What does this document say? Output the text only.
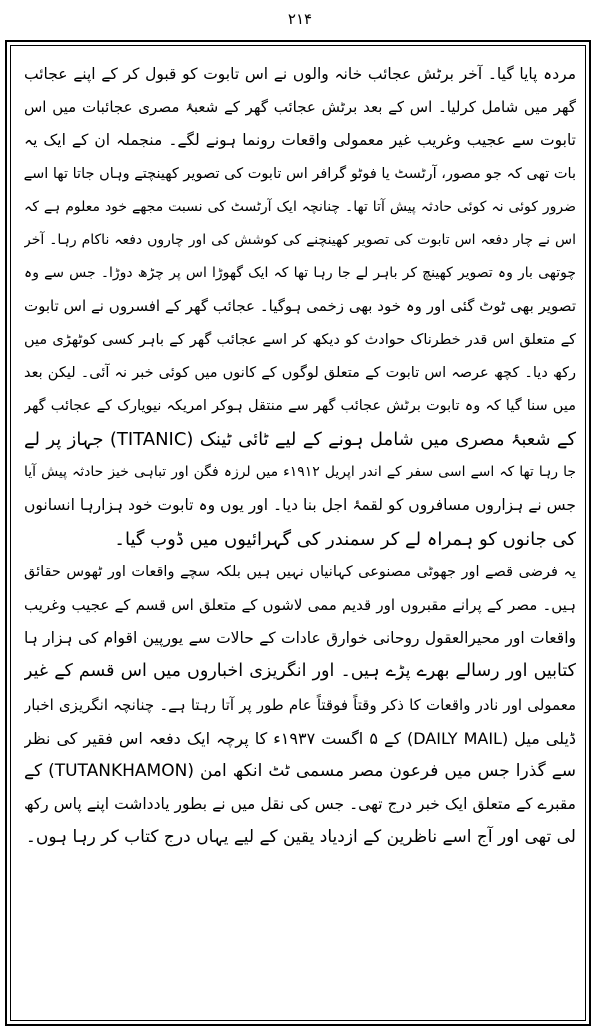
۲۱۴
مردہ پایا گیا۔ آخر برٹش عجائب خانہ والوں نے اس تابوت کو قبول کر کے اپنے عجائب
گھر میں شامل کرلیا۔ اس کے بعد برٹش عجائب گھر کے شعبۂ مصری عجائبات میں اس
تابوت سے عجیب وغریب غیر معمولی واقعات رونما ہونے لگے۔ منجملہ ان کے ایک یہ
بات تھی کہ جو مصور، آرٹسٹ یا فوٹو گرافر اس تابوت کی تصویر کھینچتے وہاں جاتا تھا اسے
ضرور کوئی نہ کوئی حادثہ پیش آتا تھا۔ چنانچہ ایک آرٹسٹ کی نسبت مجھے خود معلوم ہے کہ
اس نے چار دفعہ اس تابوت کی تصویر کھینچنے کی کوشش کی اور چاروں دفعہ ناکام رہا۔ آخر
چوتھی بار وہ تصویر کھینچ کر باہر لے جا رہا تھا کہ ایک گھوڑا اس پر چڑھ دوڑا۔ جس سے وہ
تصویر بھی ٹوٹ گئی اور وہ خود بھی زخمی ہوگیا۔ عجائب گھر کے افسروں نے اس تابوت
کے متعلق اس قدر خطرناک حوادث کو دیکھ کر اسے عجائب گھر کے باہر کسی کوٹھڑی میں
رکھ دیا۔ کچھ عرصہ اس تابوت کے متعلق لوگوں کے کانوں میں کوئی خبر نہ آئی۔ لیکن بعد
میں سنا گیا کہ وہ تابوت برٹش عجائب گھر سے منتقل ہوکر امریکہ نیویارک کے عجائب گھر
کے شعبۂ مصری میں شامل ہونے کے لیے ٹائی ٹینک (TITANIC) جہاز پر لے
جا رہا تھا کہ اسے اسی سفر کے اندر اپریل ۱۹۱۲ء میں لرزہ فگن اور تباہی خیز حادثہ پیش آیا
جس نے ہزاروں مسافروں کو لقمۂ اجل بنا دیا۔ اور یوں وہ تابوت خود ہزارہا انسانوں
کی جانوں کو ہمراہ لے کر سمندر کی گہرائیوں میں ڈوب گیا۔
یہ فرضی قصے اور جھوٹی مصنوعی کہانیاں نہیں ہیں بلکہ سچے واقعات اور ٹھوس حقائق
ہیں۔ مصر کے پرانے مقبروں اور قدیم ممی لاشوں کے متعلق اس قسم کے عجیب وغریب
واقعات اور محیرالعقول روحانی خوارق عادات کے حالات سے یورپین اقوام کی ہزار ہا
کتابیں اور رسالے بھرے پڑے ہیں۔ اور انگریزی اخباروں میں اس قسم کے غیر
معمولی اور نادر واقعات کا ذکر وقتاً فوقتاً عام طور پر آتا رہتا ہے۔ چنانچہ انگریزی اخبار
ڈیلی میل (DAILY MAIL) کے ۵ اگست ۱۹۳۷ء کا پرچہ ایک دفعہ اس فقیر کی نظر
سے گذرا جس میں فرعون مصر مسمی ٹٹ انکھ امن (TUTANKHAMON) کے
مقبرے کے متعلق ایک خبر درج تھی۔ جس کی نقل میں نے بطور یادداشت اپنے پاس رکھ
لی تھی اور آج اسے ناظرین کے ازدیاد یقین کے لیے یہاں درج کتاب کر رہا ہوں۔
